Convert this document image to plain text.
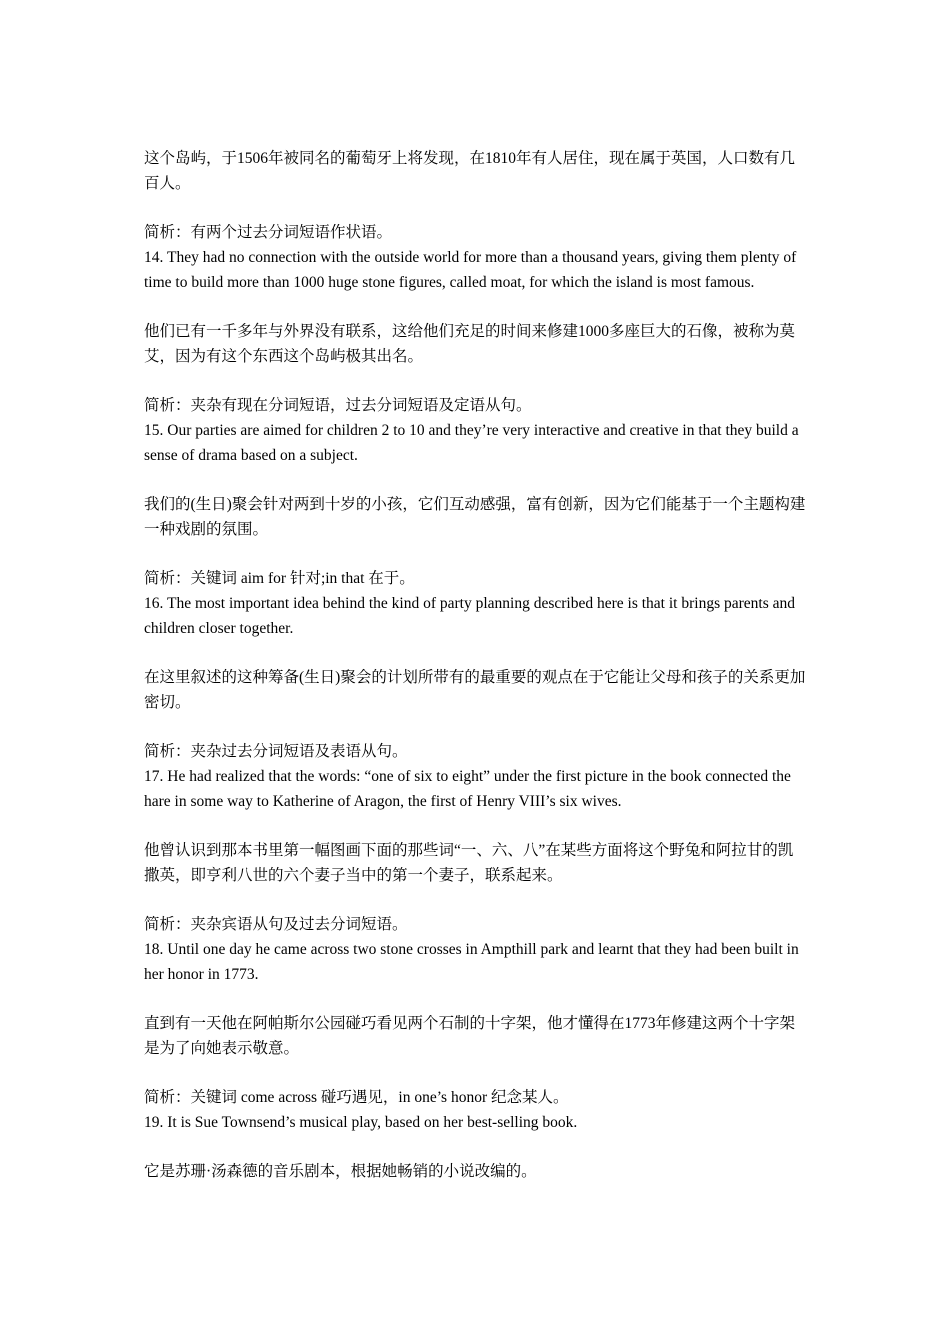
这个岛屿，于1506年被同名的葡萄牙上将发现，在1810年有人居住，现在属于英国，人口数有几百人。

简析：有两个过去分词短语作状语。

14. They had no connection with the outside world for more than a thousand years, giving them plenty of time to build more than 1000 huge stone figures, called moat, for which the island is most famous.

他们已有一千多年与外界没有联系，这给他们充足的时间来修建1000多座巨大的石像，被称为莫艾，因为有这个东西这个岛屿极其出名。

简析：夹杂有现在分词短语，过去分词短语及定语从句。

15. Our parties are aimed for children 2 to 10 and they’re very interactive and creative in that they build a sense of drama based on a subject.

我们的(生日)聚会针对两到十岁的小孩，它们互动感强，富有创新，因为它们能基于一个主题构建一种戏剧的氛围。

简析：关键词 aim for 针对;in that 在于。

16. The most important idea behind the kind of party planning described here is that it brings parents and children closer together.

在这里叙述的这种筹备(生日)聚会的计划所带有的最重要的观点在于它能让父母和孩子的关系更加密切。

简析：夹杂过去分词短语及表语从句。

17. He had realized that the words: “one of six to eight” under the first picture in the book connected the hare in some way to Katherine of Aragon, the first of Henry VIII’s six wives.

他曾认识到那本书里第一幅图画下面的那些词“一、六、八”在某些方面将这个野兔和阿拉甘的凯撒英，即亨利八世的六个妻子当中的第一个妻子，联系起来。

简析：夹杂宾语从句及过去分词短语。

18. Until one day he came across two stone crosses in Ampthill park and learnt that they had been built in her honor in 1773.

直到有一天他在阿帕斯尔公园碰巧看见两个石制的十字架，他才懂得在1773年修建这两个十字架是为了向她表示敬意。

简析：关键词 come across 碰巧遇见，in one’s honor 纪念某人。

19. It is Sue Townsend’s musical play, based on her best-selling book.

它是苏珊·汤森德的音乐剧本，根据她畅销的小说改编的。
